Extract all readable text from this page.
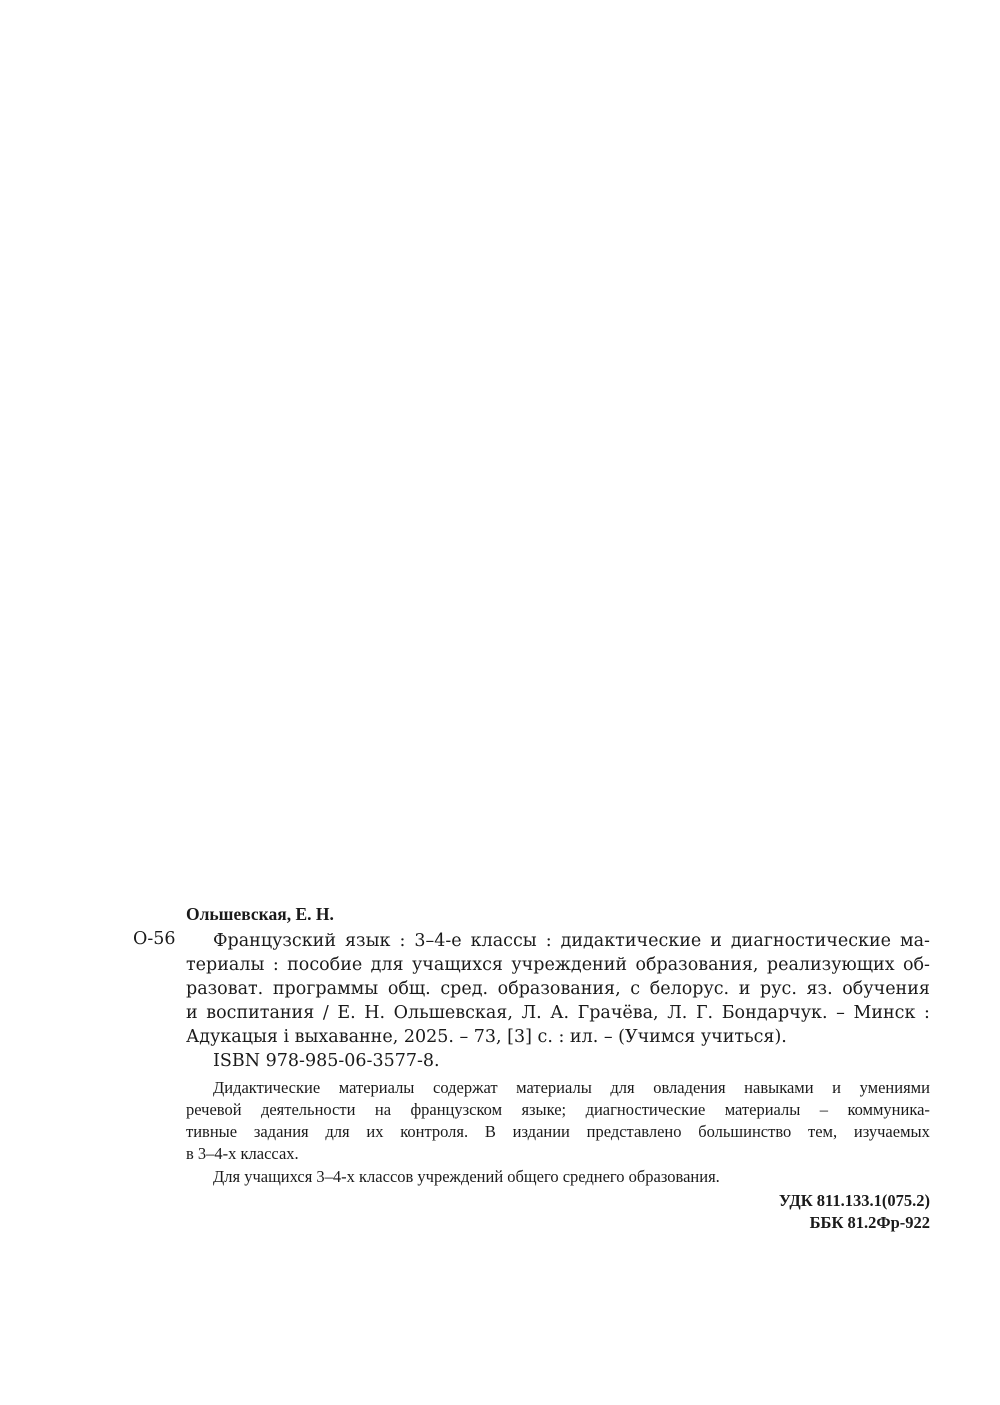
Ольшевская, Е. Н.
О-56 Французский язык : 3–4-е классы : дидактические и диагностические ма-
териалы : пособие для учащихся учреждений образования, реализующих об-
разоват. программы общ. сред. образования, с белорус. и рус. яз. обучения
и воспитания / Е. Н. Ольшевская, Л. А. Грачёва, Л. Г. Бондарчук. – Минск :
Адукацыя і выхаванне, 2025. – 73, [3] с. : ил. – (Учимся учиться).
ISBN 978-985-06-3577-8.
Дидактические материалы содержат материалы для овладения навыками и умениями
речевой деятельности на французском языке; диагностические материалы – коммуника-
тивные задания для их контроля. В издании представлено большинство тем, изучаемых
в 3–4-х классах.
Для учащихся 3–4-х классов учреждений общего среднего образования.
УДК 811.133.1(075.2)
ББК 81.2Фр-922
